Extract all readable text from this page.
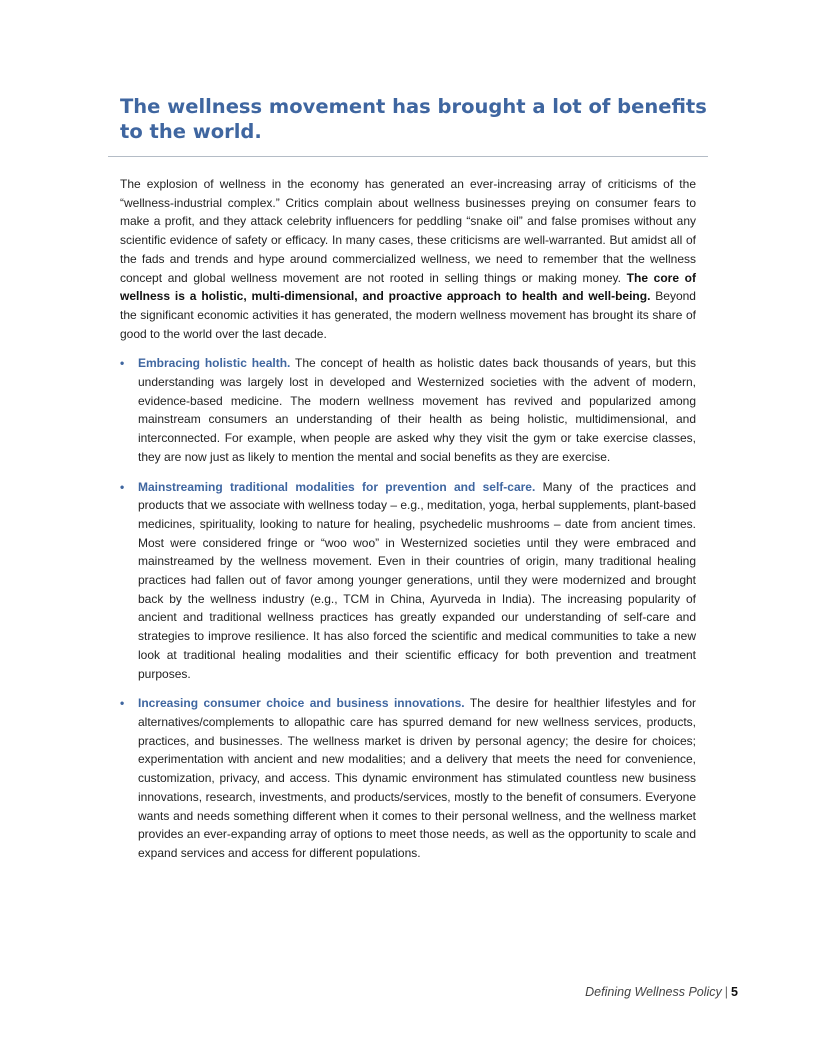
The wellness movement has brought a lot of benefits to the world.

The explosion of wellness in the economy has generated an ever-increasing array of criticisms of the “wellness-industrial complex.” Critics complain about wellness businesses preying on consumer fears to make a profit, and they attack celebrity influencers for peddling “snake oil” and false promises without any scientific evidence of safety or efficacy. In many cases, these criticisms are well-warranted. But amidst all of the fads and trends and hype around commercialized wellness, we need to remember that the wellness concept and global wellness movement are not rooted in selling things or making money. The core of wellness is a holistic, multi-dimensional, and proactive approach to health and well-being. Beyond the significant economic activities it has generated, the modern wellness movement has brought its share of good to the world over the last decade.

• Embracing holistic health. The concept of health as holistic dates back thousands of years, but this understanding was largely lost in developed and Westernized societies with the advent of modern, evidence-based medicine. The modern wellness movement has revived and popularized among mainstream consumers an understanding of their health as being holistic, multidimensional, and interconnected. For example, when people are asked why they visit the gym or take exercise classes, they are now just as likely to mention the mental and social benefits as they are exercise.
• Mainstreaming traditional modalities for prevention and self-care. Many of the practices and products that we associate with wellness today – e.g., meditation, yoga, herbal supplements, plant-based medicines, spirituality, looking to nature for healing, psychedelic mushrooms – date from ancient times. Most were considered fringe or “woo woo” in Westernized societies until they were embraced and mainstreamed by the wellness movement. Even in their countries of origin, many traditional healing practices had fallen out of favor among younger generations, until they were modernized and brought back by the wellness industry (e.g., TCM in China, Ayurveda in India). The increasing popularity of ancient and traditional wellness practices has greatly expanded our understanding of self-care and strategies to improve resilience. It has also forced the scientific and medical communities to take a new look at traditional healing modalities and their scientific efficacy for both prevention and treatment purposes.
• Increasing consumer choice and business innovations. The desire for healthier lifestyles and for alternatives/complements to allopathic care has spurred demand for new wellness services, products, practices, and businesses. The wellness market is driven by personal agency; the desire for choices; experimentation with ancient and new modalities; and a delivery that meets the need for convenience, customization, privacy, and access. This dynamic environment has stimulated countless new business innovations, research, investments, and products/services, mostly to the benefit of consumers. Everyone wants and needs something different when it comes to their personal wellness, and the wellness market provides an ever-expanding array of options to meet those needs, as well as the opportunity to scale and expand services and access for different populations.
Defining Wellness Policy | 5
